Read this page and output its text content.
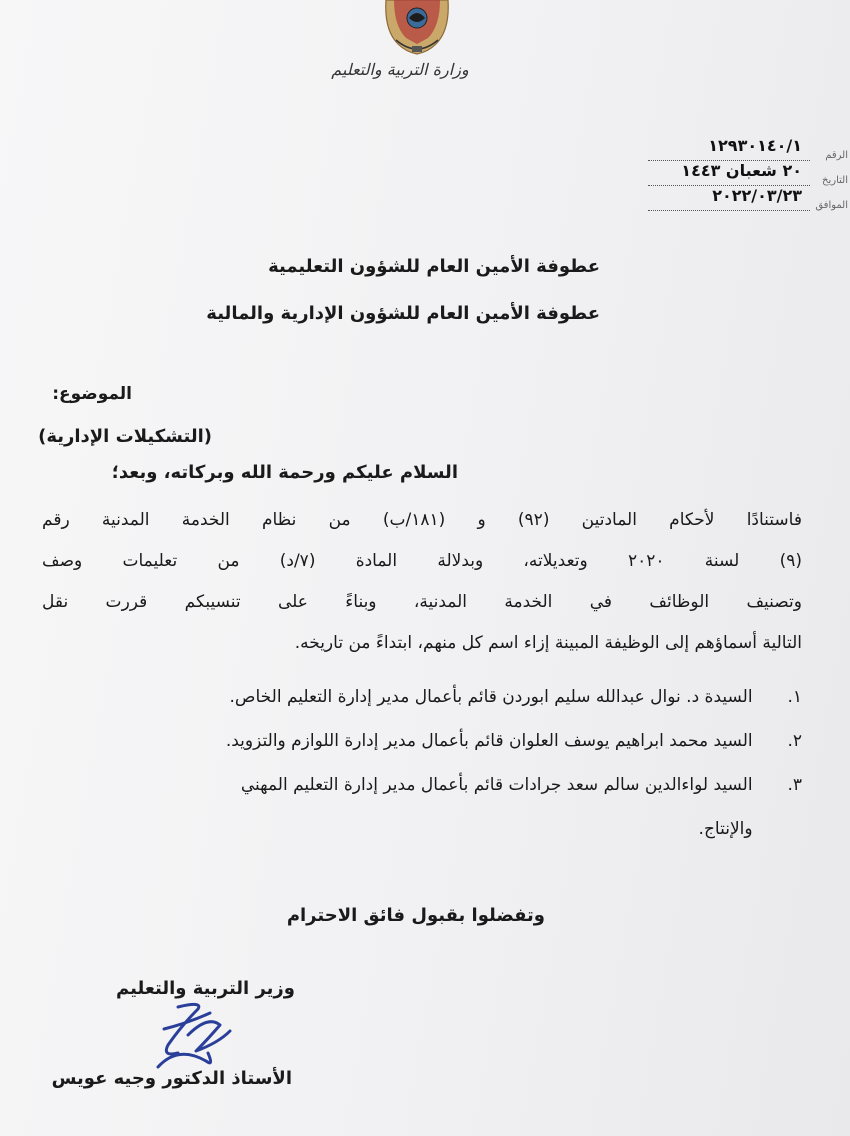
وزارة التربية والتعليم
١٢٩٣٠١٤٠/١
الرقم
٢٠ شعبان ١٤٤٣
التاريخ
٢٠٢٢/٠٣/٢٣
الموافق
عطوفة الأمين العام للشؤون التعليمية
عطوفة الأمين العام للشؤون الإدارية والمالية
الموضوع:
(التشكيلات الإدارية)
السلام عليكم ورحمة الله وبركاته، وبعد؛
فاستنادًا لأحكام المادتين (٩٢) و (١٨١/ب) من نظام الخدمة المدنية رقم
(٩) لسنة ٢٠٢٠ وتعديلاته، وبدلالة المادة (٧/د) من تعليمات وصف
وتصنيف الوظائف في الخدمة المدنية، وبناءً على تنسيبكم قررت نقل
التالية أسماؤهم إلى الوظيفة المبينة إزاء اسم كل منهم، ابتداءً من تاريخه.
١. السيدة د. نوال عبدالله سليم ابوردن قائم بأعمال مدير إدارة التعليم الخاص.
٢. السيد محمد ابراهيم يوسف العلوان قائم بأعمال مدير إدارة اللوازم والتزويد.
٣. السيد لواءالدين سالم سعد جرادات قائم بأعمال مدير إدارة التعليم المهني
والإنتاج.
وتفضلوا بقبول فائق الاحترام
وزير التربية والتعليم
الأستاذ الدكتور وجيه عويس
